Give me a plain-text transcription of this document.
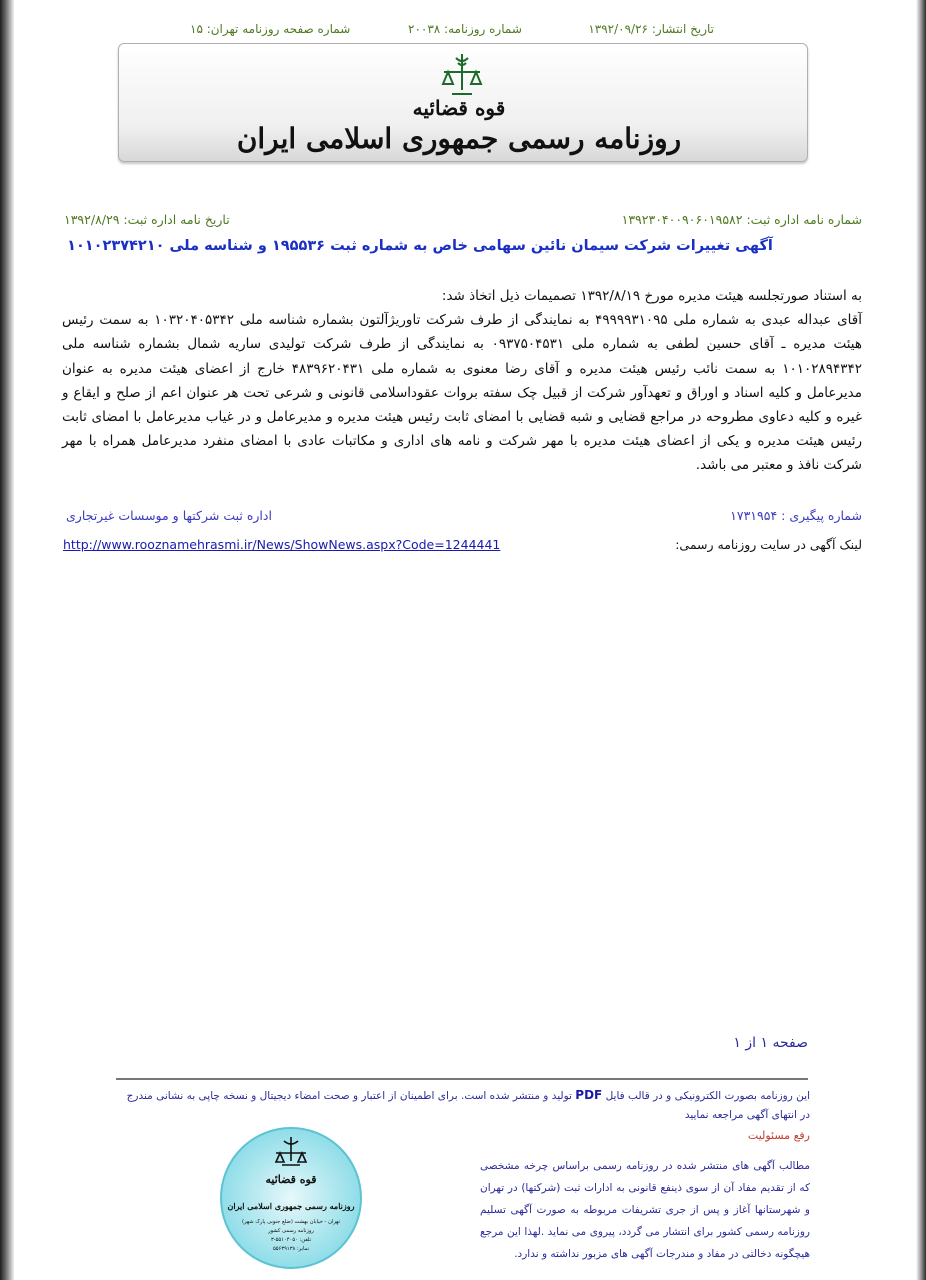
تاریخ انتشار: ۱۳۹۲/۰۹/۲۶
شماره روزنامه: ۲۰۰۳۸
شماره صفحه روزنامه تهران: ۱۵
قوه قضائیه
روزنامه رسمی جمهوری اسلامی ایران
شماره نامه اداره ثبت: ۱۳۹۲۳۰۴۰۰۹۰۶۰۱۹۵۸۲
تاریخ نامه اداره ثبت: ۱۳۹۲/۸/۲۹
آگهی تغییرات شرکت سیمان نائین سهامی خاص به شماره ثبت ۱۹۵۵۳۶ و شناسه ملی ۱۰۱۰۲۳۷۴۲۱۰

به استناد صورتجلسه هیئت مدیره مورخ ۱۳۹۲/۸/۱۹ تصمیمات ذیل اتخاذ شد:

آقای عبداله عبدی به شماره ملی ۴۹۹۹۹۳۱۰۹۵ به نمایندگی از طرف شرکت تاوریژآلتون بشماره شناسه ملی ۱۰۳۲۰۴۰۵۳۴۲ به سمت رئیس هیئت مدیره ـ آقای حسین لطفی به شماره ملی ۰۹۳۷۵۰۴۵۳۱ به نمایندگی از طرف شرکت تولیدی ساریه شمال بشماره شناسه ملی ۱۰۱۰۲۸۹۴۳۴۲ به سمت نائب رئیس هیئت مدیره و آقای رضا معنوی به شماره ملی ۴۸۳۹۶۲۰۴۳۱ خارج از اعضای هیئت مدیره به عنوان مدیرعامل و کلیه اسناد و اوراق و تعهدآور شرکت از قبیل چک سفته بروات عقوداسلامی قانونی و شرعی تحت هر عنوان اعم از صلح و ایقاع و غیره و کلیه دعاوی مطروحه در مراجع قضایی و شبه قضایی با امضای ثابت رئیس هیئت مدیره و مدیرعامل و در غیاب مدیرعامل با امضای ثابت رئیس هیئت مدیره و یکی از اعضای هیئت مدیره با مهر شرکت و نامه های اداری و مکاتبات عادی با امضای منفرد مدیرعامل همراه با مهر شرکت نافذ و معتبر می باشد.

شماره پیگیری : ۱۷۳۱۹۵۴
اداره ثبت شرکتها و موسسات غیرتجاری
لینک آگهی در سایت روزنامه رسمی:
http://www.rooznamehrasmi.ir/News/ShowNews.aspx?Code=1244441
صفحه ۱ از ۱
این روزنامه بصورت الکترونیکی و در قالب فایل PDF تولید و منتشر شده است. برای اطمینان از اعتبار و صحت امضاء دیجیتال و نسخه چاپی به نشانی مندرج در انتهای آگهی مراجعه نمایید
رفع مسئولیت
مطالب آگهی های منتشر شده در روزنامه رسمی براساس چرخه مشخصی که از تقدیم مفاد آن از سوی ذینفع قانونی به ادارات ثبت (شرکتها) در تهران و شهرستانها آغاز و پس از جری تشریفات مربوطه به صورت آگهی تسلیم روزنامه رسمی کشور برای انتشار می گردد، پیروی می نماید .لهذا این مرجع هیچگونه دخالتی در مفاد و مندرجات آگهی های مزبور نداشته و ندارد.
قوه قضائیه
روزنامه رسمی جمهوری اسلامی ایران
تهران - خیابان بهشت (ضلع جنوبی پارک شهر)
روزنامه رسمی کشور
تلفن: ۵۵۱۰۴۰۵۰-۳
نمابر: ۵۵۶۳۹۱۳۸
